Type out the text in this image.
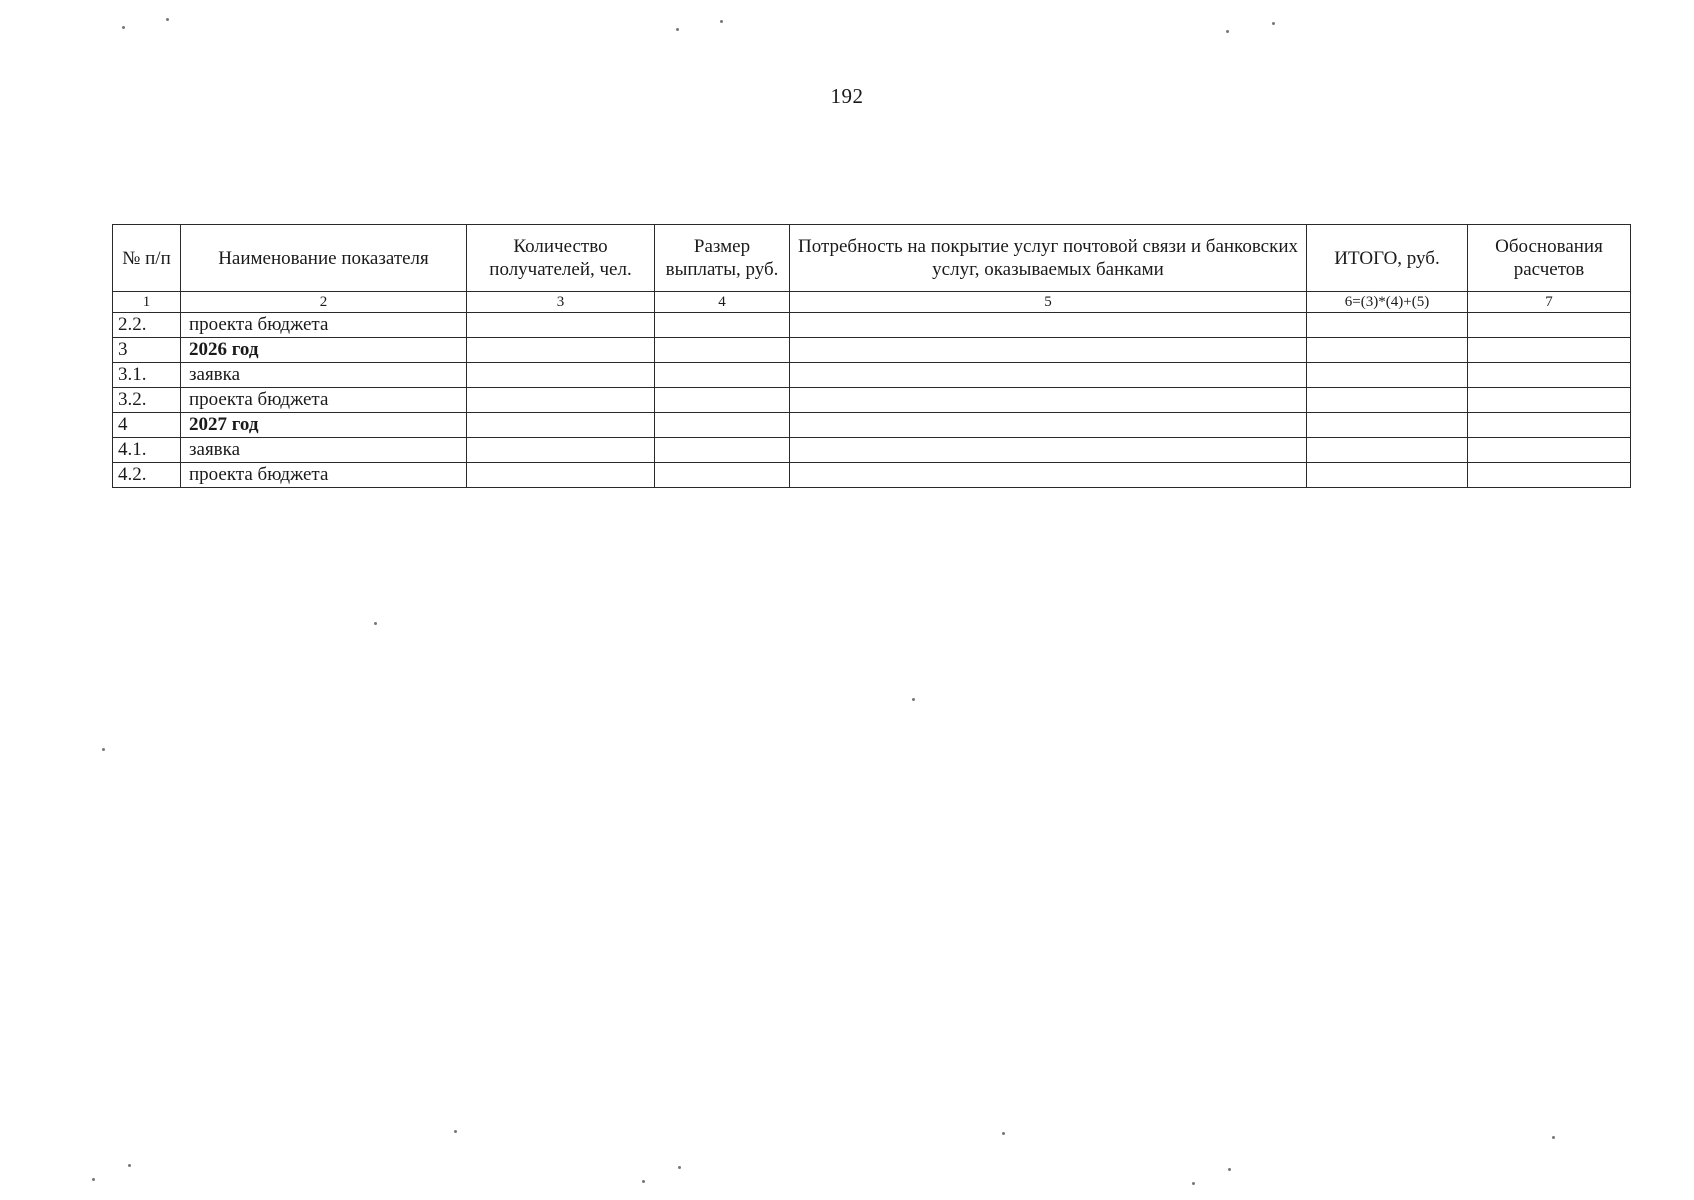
192
№ п/п	Наименование показателя	Количество получателей, чел.	Размер выплаты, руб.	Потребность на покрытие услуг почтовой связи и банковских услуг, оказываемых банками	ИТОГО, руб.	Обоснования расчетов
1	2	3	4	5	6=(3)*(4)+(5)	7
2.2.	проекта бюджета					
3	2026 год					
3.1.	заявка					
3.2.	проекта бюджета					
4	2027 год					
4.1.	заявка					
4.2.	проекта бюджета					
